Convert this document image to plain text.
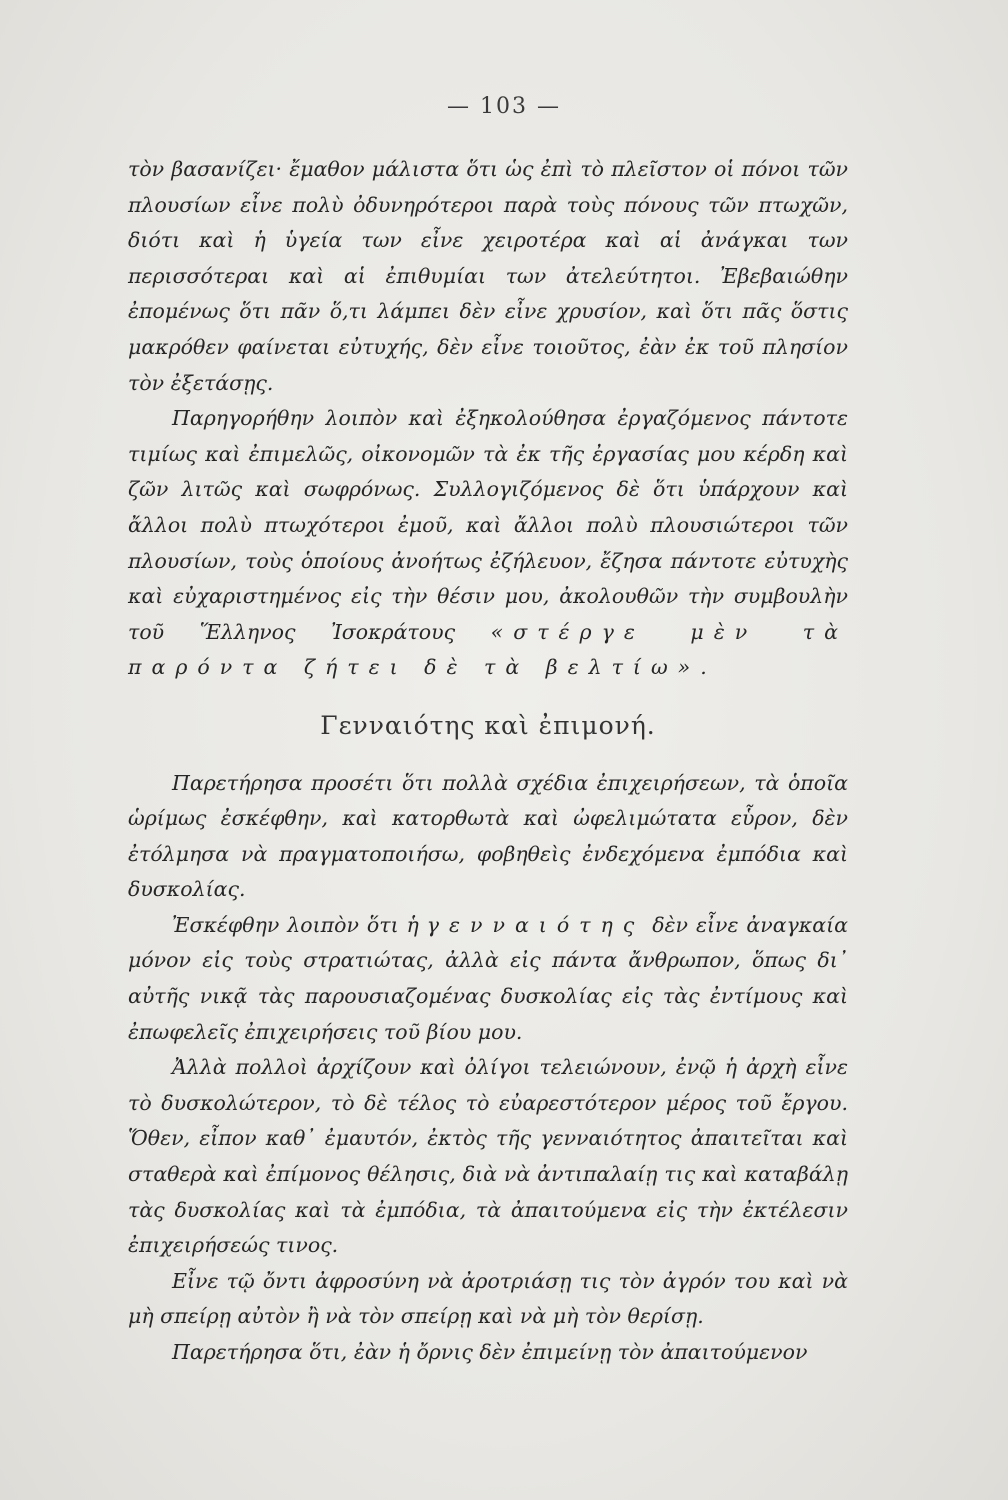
— 103 —

τὸν βασανίζει· ἔμαθον μάλιστα ὅτι ὡς ἐπὶ τὸ πλεῖστον οἱ πόνοι τῶν πλουσίων εἶνε πολὺ ὀδυνηρότεροι παρὰ τοὺς πόνους τῶν πτωχῶν, διότι καὶ ἡ ὑγεία των εἶνε χειροτέρα καὶ αἱ ἀνάγκαι των περισσότεραι καὶ αἱ ἐπιθυμίαι των ἀτελεύτητοι. Ἐβεβαιώθην ἐπομένως ὅτι πᾶν ὅ,τι λάμπει δὲν εἶνε χρυσίον, καὶ ὅτι πᾶς ὅστις μακρόθεν φαίνεται εὐτυχής, δὲν εἶνε τοιοῦτος, ἐὰν ἐκ τοῦ πλησίον τὸν ἐξετάσῃς.

Παρηγορήθην λοιπὸν καὶ ἐξηκολούθησα ἐργαζόμενος πάντοτε τιμίως καὶ ἐπιμελῶς, οἰκονομῶν τὰ ἐκ τῆς ἐργασίας μου κέρδη καὶ ζῶν λιτῶς καὶ σωφρόνως. Συλλογιζόμενος δὲ ὅτι ὑπάρχουν καὶ ἄλλοι πολὺ πτωχότεροι ἐμοῦ, καὶ ἄλλοι πολὺ πλουσιώτεροι τῶν πλουσίων, τοὺς ὁποίους ἀνοήτως ἐζήλευον, ἔζησα πάντοτε εὐτυχὴς καὶ εὐχαριστημένος εἰς τὴν θέσιν μου, ἀκολουθῶν τὴν συμβουλὴν τοῦ Ἕλληνος Ἰσοκράτους «στέργε μὲν τὰ παρόντα ζήτει δὲ τὰ βελτίω».

Γενναιότης καὶ ἐπιμονή.

Παρετήρησα προσέτι ὅτι πολλὰ σχέδια ἐπιχειρήσεων, τὰ ὁποῖα ὡρίμως ἐσκέφθην, καὶ κατορθωτὰ καὶ ὠφελιμώτατα εὗρον, δὲν ἐτόλμησα νὰ πραγματοποιήσω, φοβηθεὶς ἐνδεχόμενα ἐμπόδια καὶ δυσκολίας.

Ἐσκέφθην λοιπὸν ὅτι ἡ γενναιότης δὲν εἶνε ἀναγκαία μόνον εἰς τοὺς στρατιώτας, ἀλλὰ εἰς πάντα ἄνθρωπον, ὅπως δι᾽ αὐτῆς νικᾷ τὰς παρουσιαζομένας δυσκολίας εἰς τὰς ἐντίμους καὶ ἐπωφελεῖς ἐπιχειρήσεις τοῦ βίου μου.

Ἀλλὰ πολλοὶ ἀρχίζουν καὶ ὀλίγοι τελειώνουν, ἐνῷ ἡ ἀρχὴ εἶνε τὸ δυσκολώτερον, τὸ δὲ τέλος τὸ εὐαρεστότερον μέρος τοῦ ἔργου. Ὅθεν, εἶπον καθ᾽ ἐμαυτόν, ἐκτὸς τῆς γενναιότητος ἀπαιτεῖται καὶ σταθερὰ καὶ ἐπίμονος θέλησις, διὰ νὰ ἀντιπαλαίῃ τις καὶ καταβάλῃ τὰς δυσκολίας καὶ τὰ ἐμπόδια, τὰ ἀπαιτούμενα εἰς τὴν ἐκτέλεσιν ἐπιχειρήσεώς τινος.

Εἶνε τῷ ὄντι ἀφροσύνη νὰ ἀροτριάσῃ τις τὸν ἀγρόν του καὶ νὰ μὴ σπείρῃ αὐτὸν ἢ νὰ τὸν σπείρῃ καὶ νὰ μὴ τὸν θερίσῃ.

Παρετήρησα ὅτι, ἐὰν ἡ ὄρνις δὲν ἐπιμείνῃ τὸν ἀπαιτούμενον
